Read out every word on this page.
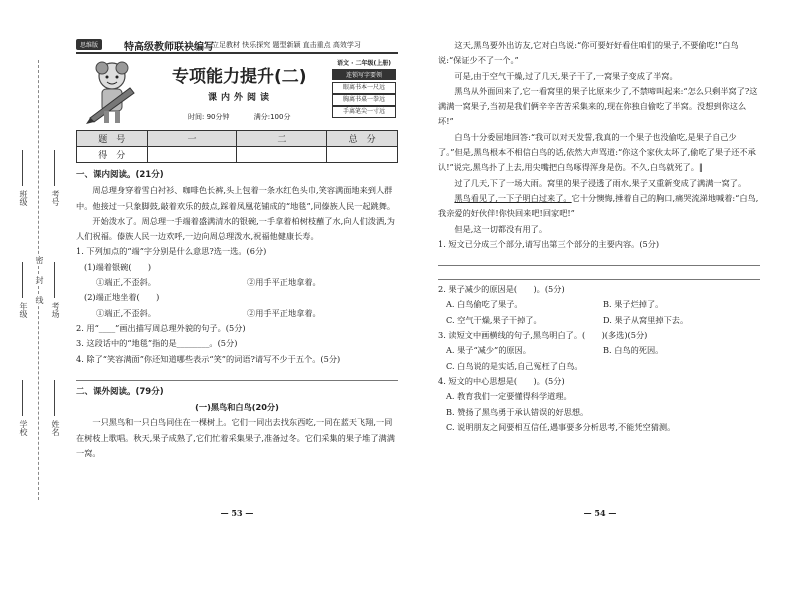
班级	考号
年级	考场
学校	姓名
密
封
线
思维版	特高级教师联袂编写
立足教材 快乐探究 题型新颖 直击重点 高效学习
专项能力提升(二)
课内外阅读
时间: 90分钟	满分:100分
语文 · 二年级(上册)
连锁写字要领
眼离书本一尺远
胸离书桌一拳远
手离笔尖一寸远
题　号	一	二	总　分
得　分			
一、课内阅读。(21分)
周总理身穿着雪白衬衫、咖啡色长裤,头上包着一条水红色头巾,笑容满面地来到人群中。他接过一只象脚鼓,敲着欢乐的鼓点,踩着凤凰花铺成的“地毯”,同傣族人民一起跳舞。
开始泼水了。周总理一手端着盛满清水的银碗,一手拿着柏树枝蘸了水,向人们泼洒,为人们祝福。傣族人民一边欢呼,一边向周总理泼水,祝福他健康长寿。
1. 下列加点的“端”字分别是什么意思?选一选。(6分)
(1)端着银碗(　　)
①端正,不歪斜。	②用手平正地拿着。
(2)端正地坐着(　　)
①端正,不歪斜。	②用手平正地拿着。
2. 用“____”画出描写周总理外貌的句子。(5分)
3. 这段话中的“地毯”指的是________。(5分)
4. 除了“笑容满面”你还知道哪些表示“笑”的词语?请写不少于五个。(5分)
二、课外阅读。(79分)
(一)黑鸟和白鸟(20分)
一只黑鸟和一只白鸟同住在一棵树上。它们一同出去找东西吃,一同在蓝天飞翔,一同在树枝上歌唱。秋天,果子成熟了,它们忙着采集果子,准备过冬。它们采集的果子堆了满满一窝。
— 53 —
这天,黑鸟要外出访友,它对白鸟说:“你可要好好看住咱们的果子,不要偷吃!”白鸟说:“保证少不了一个。”
可是,由于空气干燥,过了几天,果子干了,一窝果子变成了半窝。
黑鸟从外面回来了,它一看窝里的果子比原来少了,不禁啼叫起来:“怎么只剩半窝了?这满满一窝果子,当初是我们俩辛辛苦苦采集来的,现在你独自偷吃了半窝。没想到你这么坏!”
白鸟十分委屈地回答:“我可以对天发誓,我真的一个果子也没偷吃,是果子自己少了。”但是,黑鸟根本不相信白鸟的话,依然大声骂道:“你这个家伙太坏了,偷吃了果子还不承认!”说完,黑鸟扑了上去,用尖嘴把白鸟啄得浑身是伤。不久,白鸟就死了。‖
过了几天,下了一场大雨。窝里的果子浸透了雨水,果子又重新变成了满满一窝了。
黑鸟看见了,一下子明白过来了。它十分懊悔,捶着自己的胸口,痛哭流涕地喊着:“白鸟,我亲爱的好伙伴!你快回来吧!回家吧!”
但是,这一切都没有用了。
1. 短文已分成三个部分,请写出第三个部分的主要内容。(5分)
2. 果子减少的原因是(　　)。(5分)
A. 白鸟偷吃了果子。	B. 果子烂掉了。
C. 空气干燥,果子干掉了。	D. 果子从窝里掉下去。
3. 读短文中画横线的句子,黑鸟明白了。(　　)(多选)(5分)
A. 果子“减少”的原因。	B. 白鸟的死因。
C. 白鸟说的是实话,自己冤枉了白鸟。
4. 短文的中心思想是(　　)。(5分)
A. 教育我们一定要懂得科学道理。
B. 赞扬了黑鸟勇于承认错误的好思想。
C. 说明朋友之间要相互信任,遇事要多分析思考,不能凭空猜测。
— 54 —
